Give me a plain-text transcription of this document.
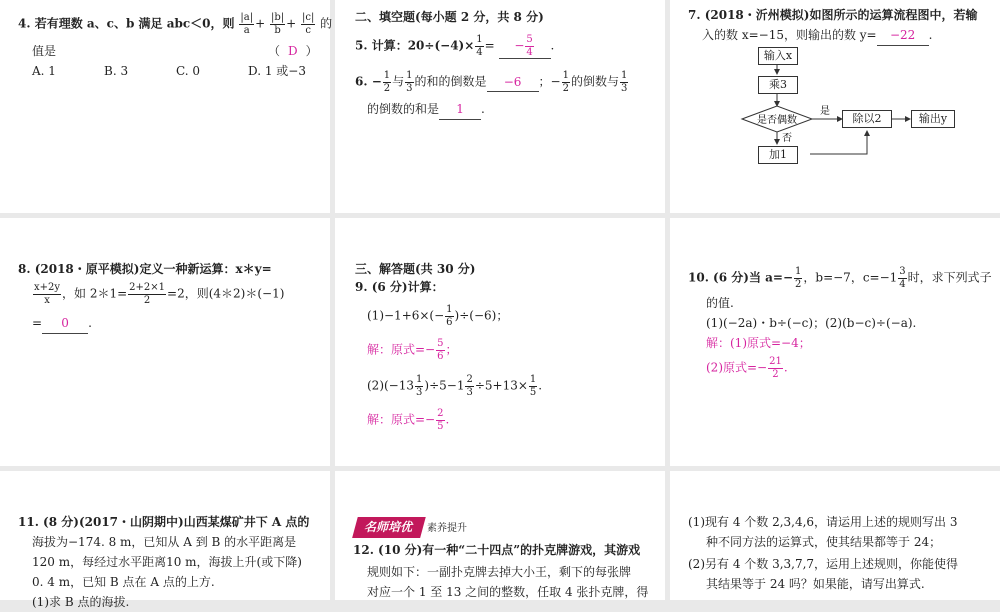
4. 若有理数 a、c、b 满足 abc＜0，则 $\frac{|a|}{a} + \frac{|b|}{b} + \frac{|c|}{c}$ 的
值是	（ D ）
A. 1	B. 3	C. 0	D. 1 或−3
二、填空题(每小题 2 分，共 8 分)
5. 计算：$20\div(-4)\times \frac{1}{4}$ = − $\frac{5}{4}$ .
6. − $\frac{1}{2}$ 与 $\frac{1}{3}$ 的和的倒数是 −6 ；− $\frac{1}{2}$ 的倒数与 $\frac{1}{3}$
的倒数的和是 1 .
7. (2018・沂州模拟)如图所示的运算流程图中，若输
入的数 x=−15，则输出的数 y= −22 .
是否偶数
是
否
输入x
乘3
除以2	输出y
加1
8. (2018・原平模拟)定义一种新运算：x＊y=
$\frac{x+2y}{x}$ ，如 2＊1= $\frac{2+2\times 1}{2} =2$，则(4＊2)＊(−1)
= 0 .
三、解答题(共 30 分)
9. (6 分)计算：
$(1)-1+6\times(- \frac{1}{6} )\div(-6)$；
解：原式=− $\frac{5}{6}$ ；
$(2)(-13 \frac{1}{3} )\div 5-1 \frac{2}{3} \div 5+13\times \frac{1}{5}$ .
解：原式=− $\frac{2}{5}$ .
10. (6 分)当 $a=- \frac{1}{2}$ ，b=−7，$c=-1 \frac{3}{4}$ 时，求下列式子
的值.
(1)(−2a)・b÷(−c)；(2)(b−c)÷(−a).
解：(1)原式=−4；
(2)原式=− $\frac{21}{2}$ .
11. (8 分)(2017・山阴期中)山西某煤矿井下 A 点的
海拔为−174. 8 m，已知从 A 到 B 的水平距离是
120 m，每经过水平距离10 m，海拔上升(或下降)
0. 4 m，已知 B 点在 A 点的上方.
(1)求 B 点的海拔.
名师培优 素养提升
12. (10 分)有一种“二十四点”的扑克牌游戏，其游戏
规则如下：一副扑克牌去掉大小王，剩下的每张牌
对应一个 1 至 13 之间的整数，任取 4 张扑克牌，得
(1)现有 4 个数 2,3,4,6，请运用上述的规则写出 3
种不同方法的运算式，使其结果都等于 24；
(2)另有 4 个数 3,3,7,7，运用上述规则，你能使得
其结果等于 24 吗？如果能，请写出算式.
